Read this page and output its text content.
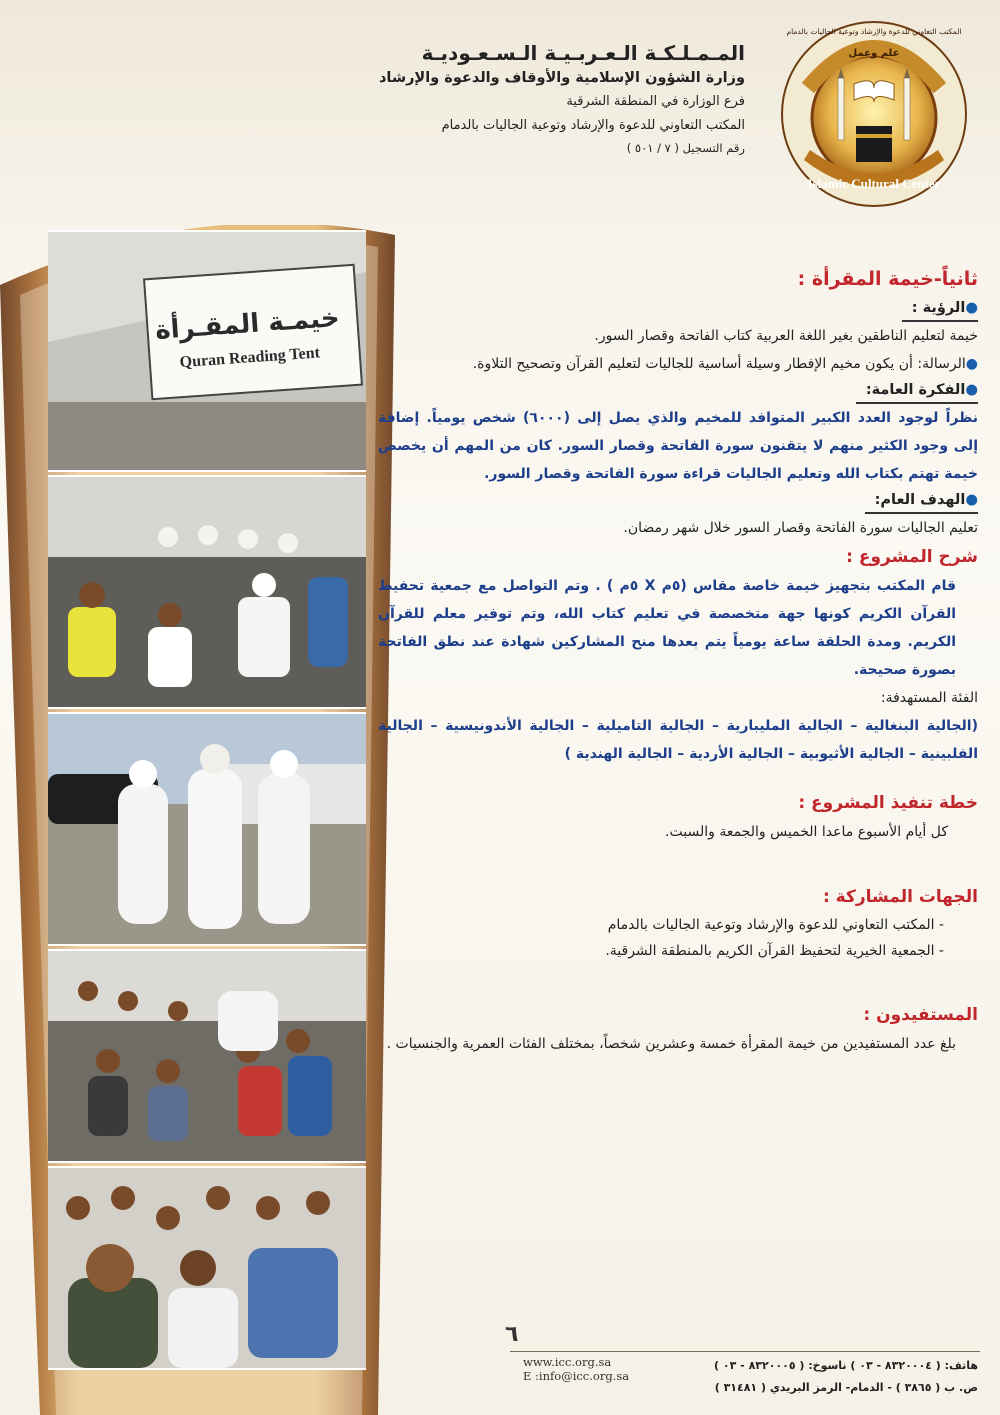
المـمـلـكـة الـعـربـيـة الـسـعـوديـة
وزارة الشؤون الإسلامية والأوقاف والدعوة والإرشاد
فرع الوزارة في المنطقة الشرقية
المكتب التعاوني للدعوة والإرشاد وتوعية الجاليات بالدمام
رقم التسجيل ( ٧ / ٥٠١ )
Islamic Cultural Center
علم وعمل
المكتب التعاوني للدعوة والإرشاد وتوعية الجاليات بالدمام
خيمـة المقـرأة
Quran Reading Tent
ثانياً-خيمة المقرأة :
●الرؤية :
خيمة لتعليم الناطقين بغير اللغة العربية كتاب الفاتحة وقصار السور.
●الرسالة: أن يكون مخيم الإفطار وسيلة أساسية للجاليات لتعليم القرآن وتصحيح التلاوة.
●الفكرة العامة:
نظراً لوجود العدد الكبير المتوافد للمخيم والذي يصل إلى (٦٠٠٠) شخص يومياً. إضافة إلى وجود الكثير منهم لا يتقنون سورة الفاتحة وقصار السور. كان من المهم أن يخصص خيمة تهتم بكتاب الله وتعليم الجاليات قراءة سورة الفاتحة وقصار السور.
●الهدف العام:
تعليم الجاليات سورة الفاتحة وقصار السور خلال شهر رمضان.
شرح المشروع :
قام المكتب بتجهيز خيمة خاصة مقاس (٥م X ٥م ) . وتم التواصل مع جمعية تحفيظ القرآن الكريم كونها جهة متخصصة في تعليم كتاب الله، وتم توفير معلم للقرآن الكريم. ومدة الحلقة ساعة يومياً يتم بعدها منح المشاركين شهادة عند نطق الفاتحة بصورة صحيحة.
الفئة المستهدفة:
(الجالية البنغالية – الجالية المليبارية – الجالية التاميلية – الجالية الأندونيسية – الجالية الفلبينية – الجالية الأثيوبية – الجالية الأردية – الجالية الهندية )
خطة تنفيذ المشروع :
كل أيام الأسبوع ماعدا الخميس والجمعة والسبت.
الجهات المشاركة :
- المكتب التعاوني للدعوة والإرشاد وتوعية الجاليات بالدمام
- الجمعية الخيرية لتحفيظ القرآن الكريم بالمنطقة الشرقية.
المستفيدون :
بلغ عدد المستفيدين من خيمة المقرأة خمسة وعشرين شخصاً، بمختلف الفئات العمرية والجنسيات .
٦
www.icc.org.sa
E :info@icc.org.sa
هاتف: ( ٨٣٢٠٠٠٤ - ٠٣ ) ناسوخ: ( ٨٣٢٠٠٠٥ - ٠٣ )
ص. ب ( ٣٨٦٥ ) - الدمام- الرمز البريدي ( ٣١٤٨١ )
